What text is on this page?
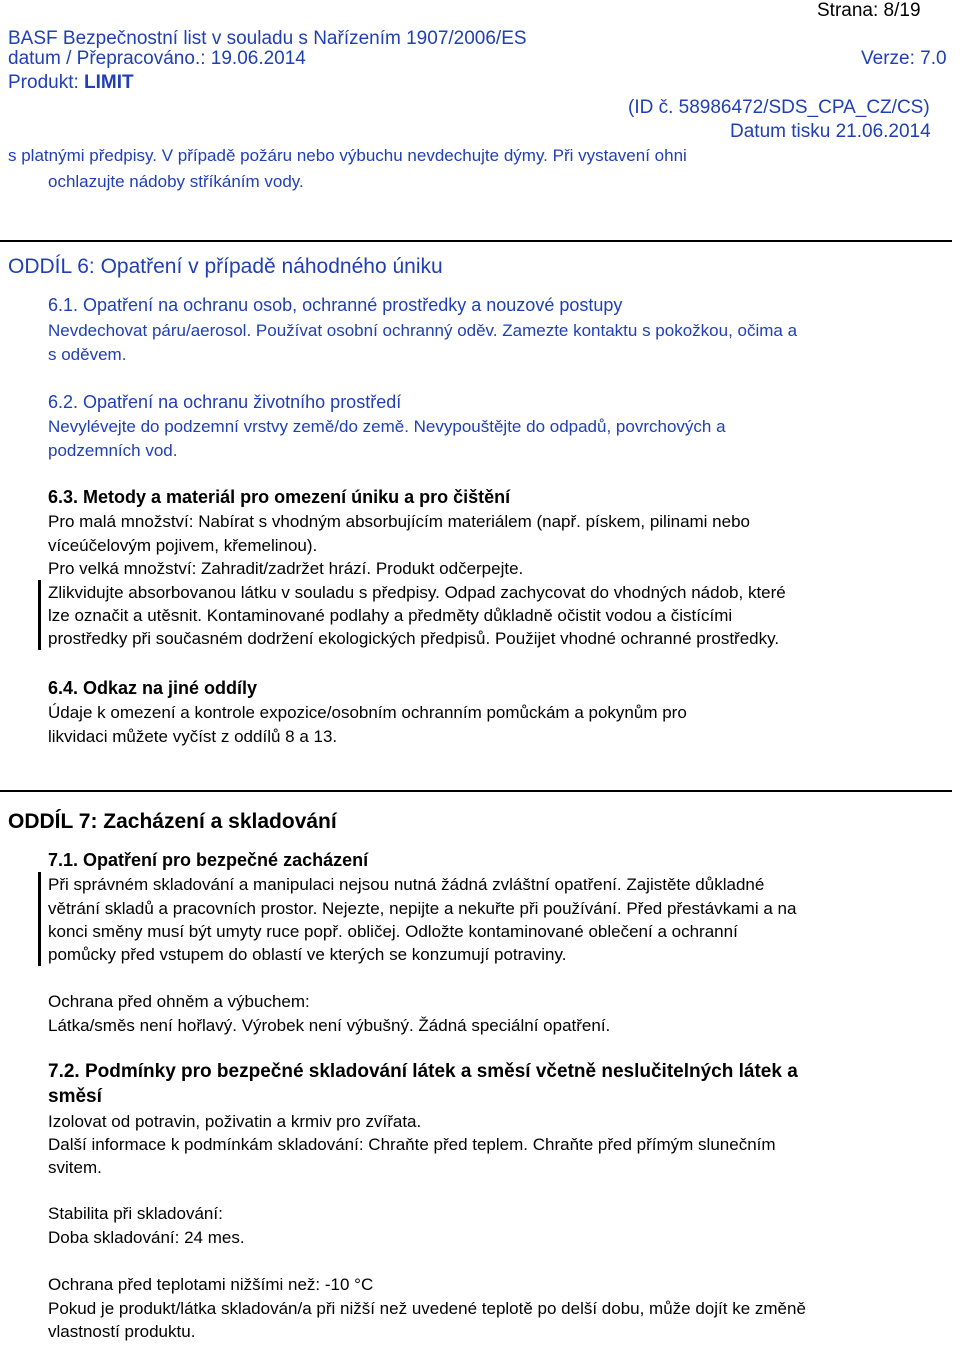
Strana: 8/19
BASF Bezpečnostní list v souladu s Nařízením 1907/2006/ES
datum / Přepracováno.: 19.06.2014	Verze: 7.0
Produkt: LIMIT
(ID č. 58986472/SDS_CPA_CZ/CS)
Datum tisku 21.06.2014
s platnými předpisy. V případě požáru nebo výbuchu nevdechujte dýmy. Při vystavení ohni
ochlazujte nádoby stříkáním vody.
ODDÍL 6: Opatření v případě náhodného úniku
6.1. Opatření na ochranu osob, ochranné prostředky a nouzové postupy
Nevdechovat páru/aerosol. Používat osobní ochranný oděv. Zamezte kontaktu s pokožkou, očima a
s oděvem.
6.2. Opatření na ochranu životního prostředí
Nevylévejte do podzemní vrstvy země/do země. Nevypouštějte do odpadů, povrchových a
podzemních vod.
6.3. Metody a materiál pro omezení úniku a pro čištění
Pro malá množství: Nabírat s vhodným absorbujícím materiálem (např. pískem, pilinami nebo
víceúčelovým pojivem, křemelinou).
Pro velká množství: Zahradit/zadržet hrází. Produkt odčerpejte.
Zlikvidujte absorbovanou látku v souladu s předpisy. Odpad zachycovat do vhodných nádob, které
lze označit a utěsnit. Kontaminované podlahy a předměty důkladně očistit vodou a čistícími
prostředky při současném dodržení ekologických předpisů. Použijet vhodné ochranné prostředky.
6.4. Odkaz na jiné oddíly
Údaje k omezení a kontrole expozice/osobním ochranním pomůckám a pokynům pro
likvidaci můžete vyčíst z oddílů 8 a 13.
ODDÍL 7: Zacházení a skladování
7.1. Opatření pro bezpečné zacházení
Při správném skladování a manipulaci nejsou nutná žádná zvláštní opatření. Zajistěte důkladné
větrání skladů a pracovních prostor. Nejezte, nepijte a nekuřte při používání. Před přestávkami a na
konci směny musí být umyty ruce popř. obličej. Odložte kontaminované oblečení a ochranní
pomůcky před vstupem do oblastí ve kterých se konzumují potraviny.
Ochrana před ohněm a výbuchem:
Látka/směs není hořlavý. Výrobek není výbušný. Žádná speciální opatření.
7.2. Podmínky pro bezpečné skladování látek a směsí včetně neslučitelných látek a
směsí
Izolovat od potravin, poživatin a krmiv pro zvířata.
Další informace k podmínkám skladování: Chraňte před teplem. Chraňte před přímým slunečním
svitem.
Stabilita při skladování:
Doba skladování: 24 mes.
Ochrana před teplotami nižšími než: -10 °C
Pokud je produkt/látka skladován/a při nižší než uvedené teplotě po delší dobu, může dojít ke změně
vlastností produktu.
